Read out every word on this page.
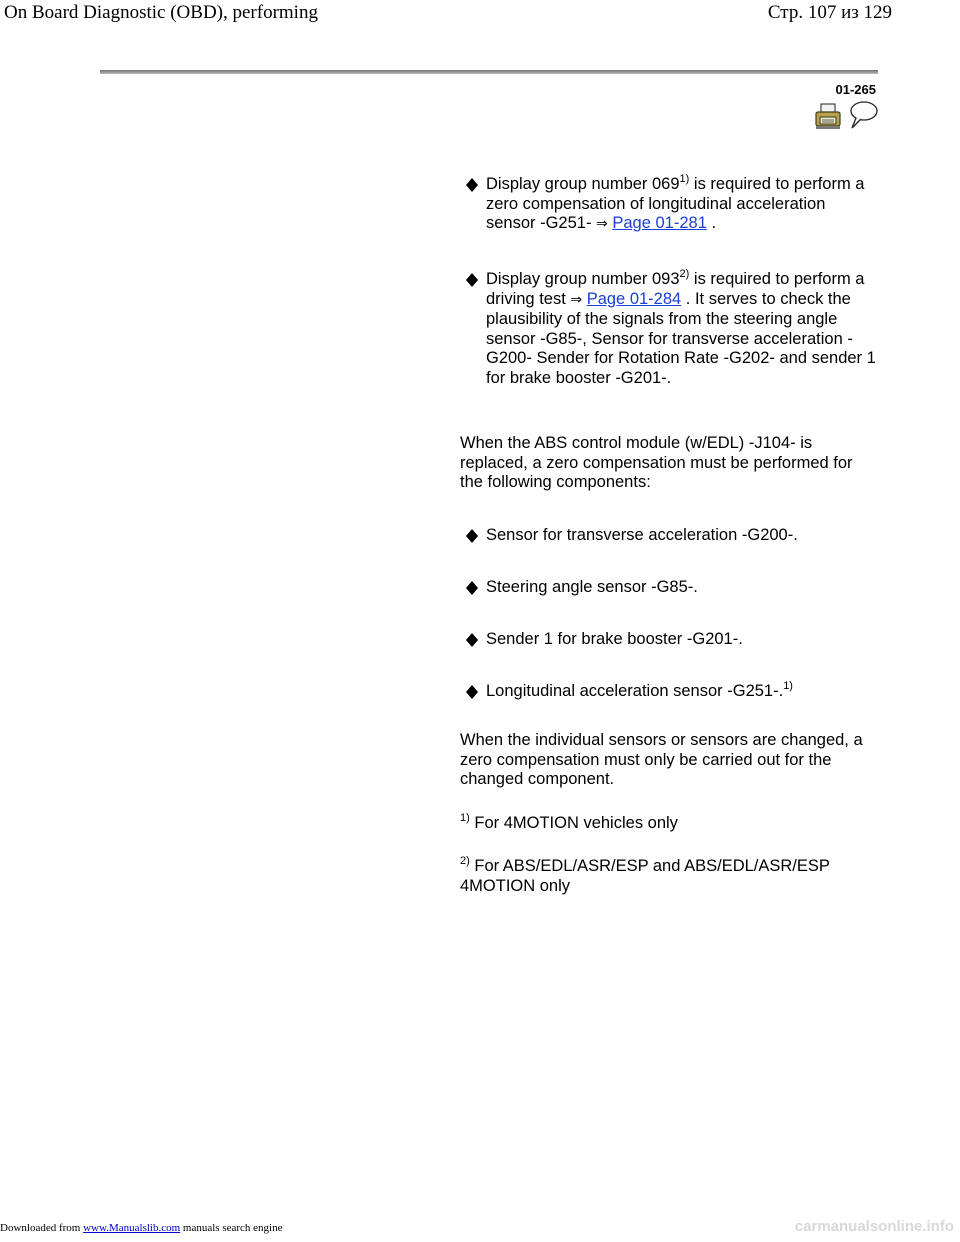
On Board Diagnostic (OBD), performing	Стр. 107 из 129
01-265
Display group number 069$^{1)}$ is required to perform a zero compensation of longitudinal acceleration sensor -G251- ⇒ Page 01-281 .
Display group number 093$^{2)}$ is required to perform a driving test ⇒ Page 01-284 . It serves to check the plausibility of the signals from the steering angle sensor -G85-, Sensor for transverse acceleration -G200- Sender for Rotation Rate -G202- and sender 1 for brake booster -G201-.
When the ABS control module (w/EDL) -J104- is replaced, a zero compensation must be performed for the following components:
Sensor for transverse acceleration -G200-.
Steering angle sensor -G85-.
Sender 1 for brake booster -G201-.
Longitudinal acceleration sensor -G251-.$^{1)}$
When the individual sensors or sensors are changed, a zero compensation must only be carried out for the changed component.
$^{1)}$ For 4MOTION vehicles only
$^{2)}$ For ABS/EDL/ASR/ESP and ABS/EDL/ASR/ESP 4MOTION only
Downloaded from www.Manualslib.com manuals search engine	carmanualsonline.info
